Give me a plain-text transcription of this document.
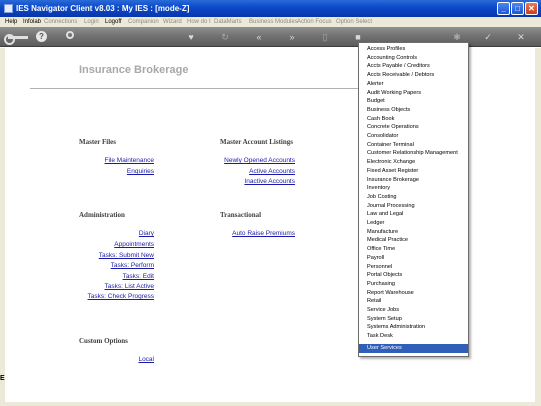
IES Navigator Client v8.03 : My IES : [mode-Z]	_	□	✕
Help Infolab Connections Login Logoff Companion Wizard How do I DataMarts Business Modules Action Focus Option Select
?	♥	↻	«	»	▯	■	✱	✓	✕
E
Insurance Brokerage
Master Files
File Maintenance
Enquiries
Master Account Listings
Newly Opened Accounts
Active Accounts
Inactive Accounts
Administration
Diary
Appointments
Tasks: Submit New
Tasks: Perform
Tasks: Edit
Tasks: List Active
Tasks: Check Progress
Transactional
Auto Raise Premiums
Custom Options
Local
Access Profiles
Accounting Controls
Accts Payable / Creditors
Accts Receivable / Debtors
Alerter
Audit Working Papers
Budget
Business Objects
Cash Book
Concrete Operations
Consolidator
Container Terminal
Customer Relationship Management
Electronic Xchange
Fixed Asset Register
Insurance Brokerage
Inventory
Job Costing
Journal Processing
Law and Legal
Ledger
Manufacture
Medical Practice
Office Time
Payroll
Personnel
Portal Objects
Purchasing
Report Warehouse
Retail
Service Jobs
System Setup
Systems Administration
Task Desk
User Services
